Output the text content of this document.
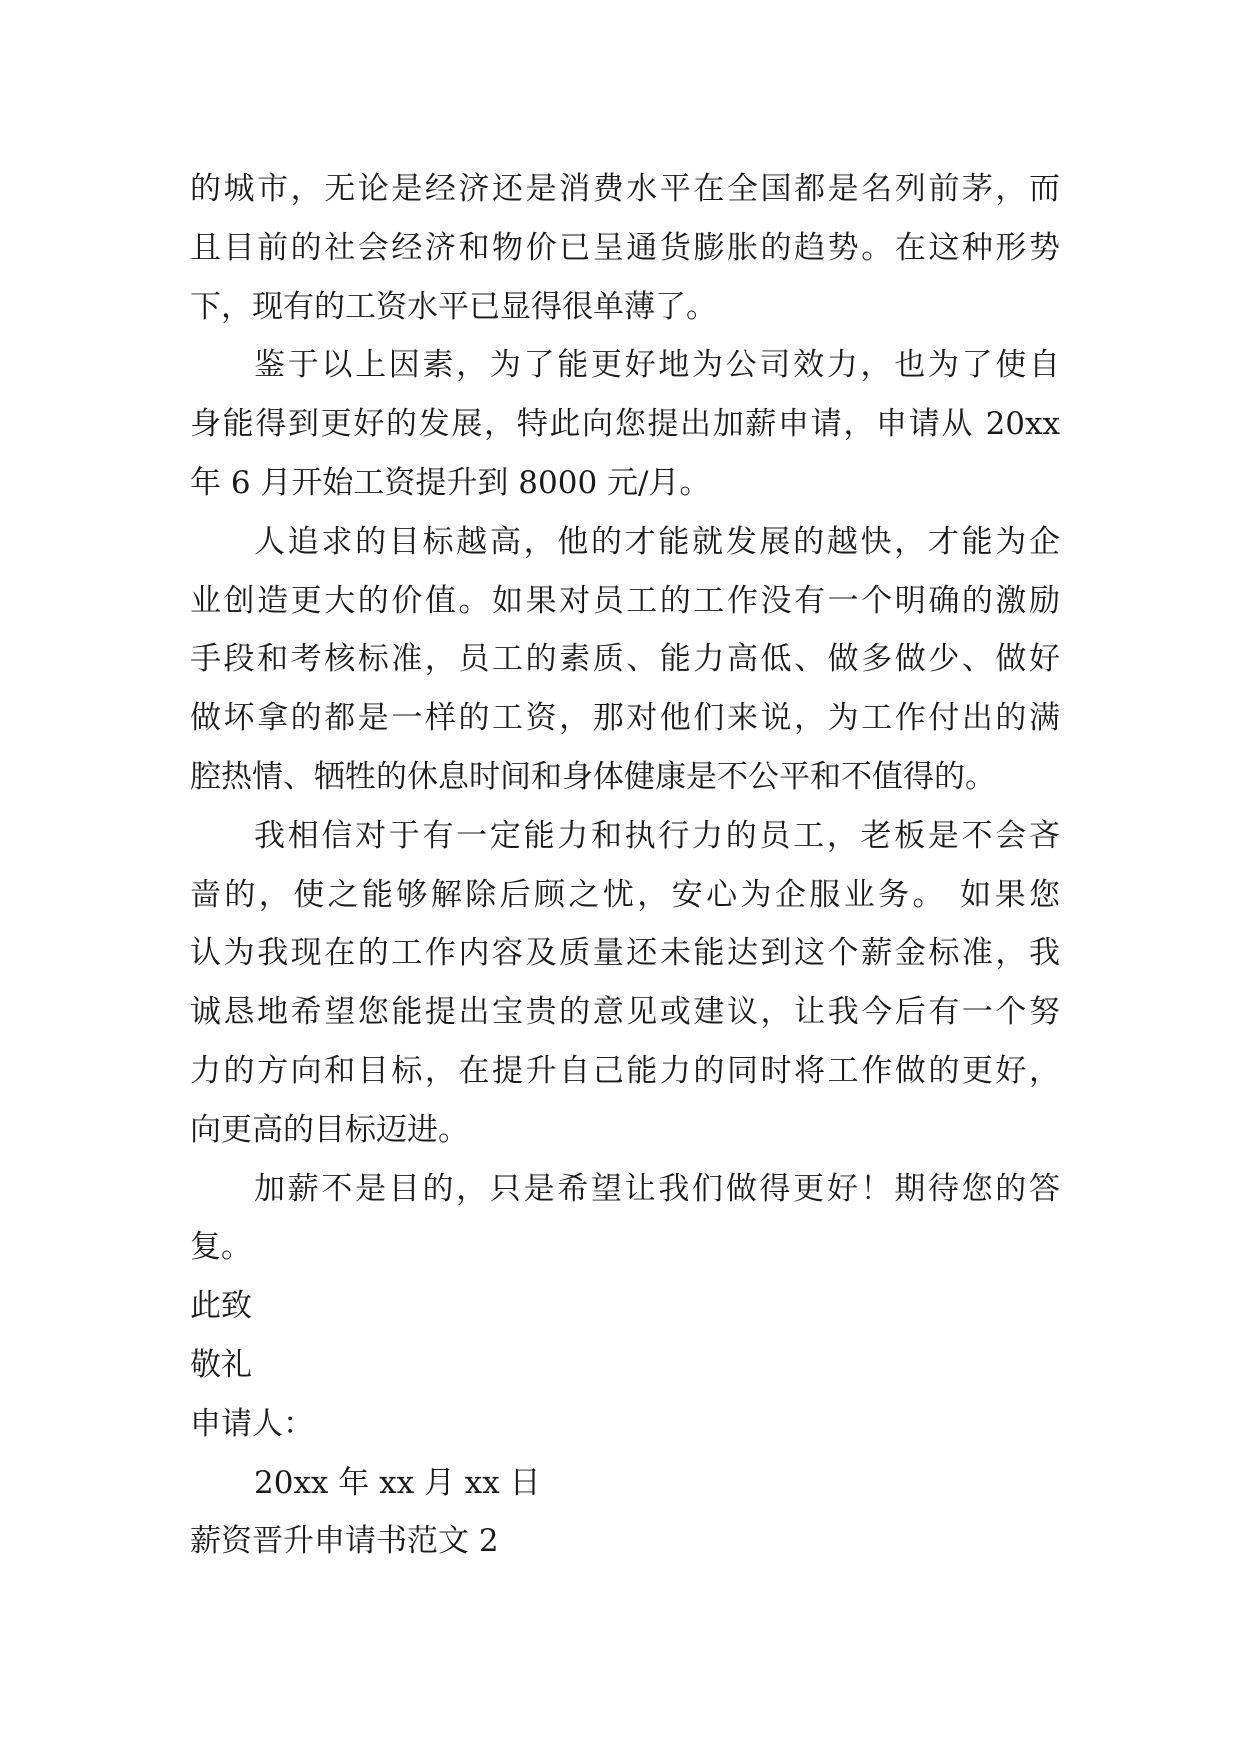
的城市，无论是经济还是消费水平在全国都是名列前茅，而
且目前的社会经济和物价已呈通货膨胀的趋势。在这种形势
下，现有的工资水平已显得很单薄了。
鉴于以上因素，为了能更好地为公司效力，也为了使自
身能得到更好的发展，特此向您提出加薪申请，申请从 20xx
年 6 月开始工资提升到 8000 元/月。
人追求的目标越高，他的才能就发展的越快，才能为企
业创造更大的价值。如果对员工的工作没有一个明确的激励
手段和考核标准，员工的素质、能力高低、做多做少、做好
做坏拿的都是一样的工资，那对他们来说，为工作付出的满
腔热情、牺牲的休息时间和身体健康是不公平和不值得的。
我相信对于有一定能力和执行力的员工，老板是不会吝
啬的，使之能够解除后顾之忧，安心为企服业务。 如果您
认为我现在的工作内容及质量还未能达到这个薪金标准，我
诚恳地希望您能提出宝贵的意见或建议，让我今后有一个努
力的方向和目标，在提升自己能力的同时将工作做的更好，
向更高的目标迈进。
加薪不是目的，只是希望让我们做得更好！期待您的答
复。
此致
敬礼
申请人：
20xx 年 xx 月 xx 日
薪资晋升申请书范文 2
